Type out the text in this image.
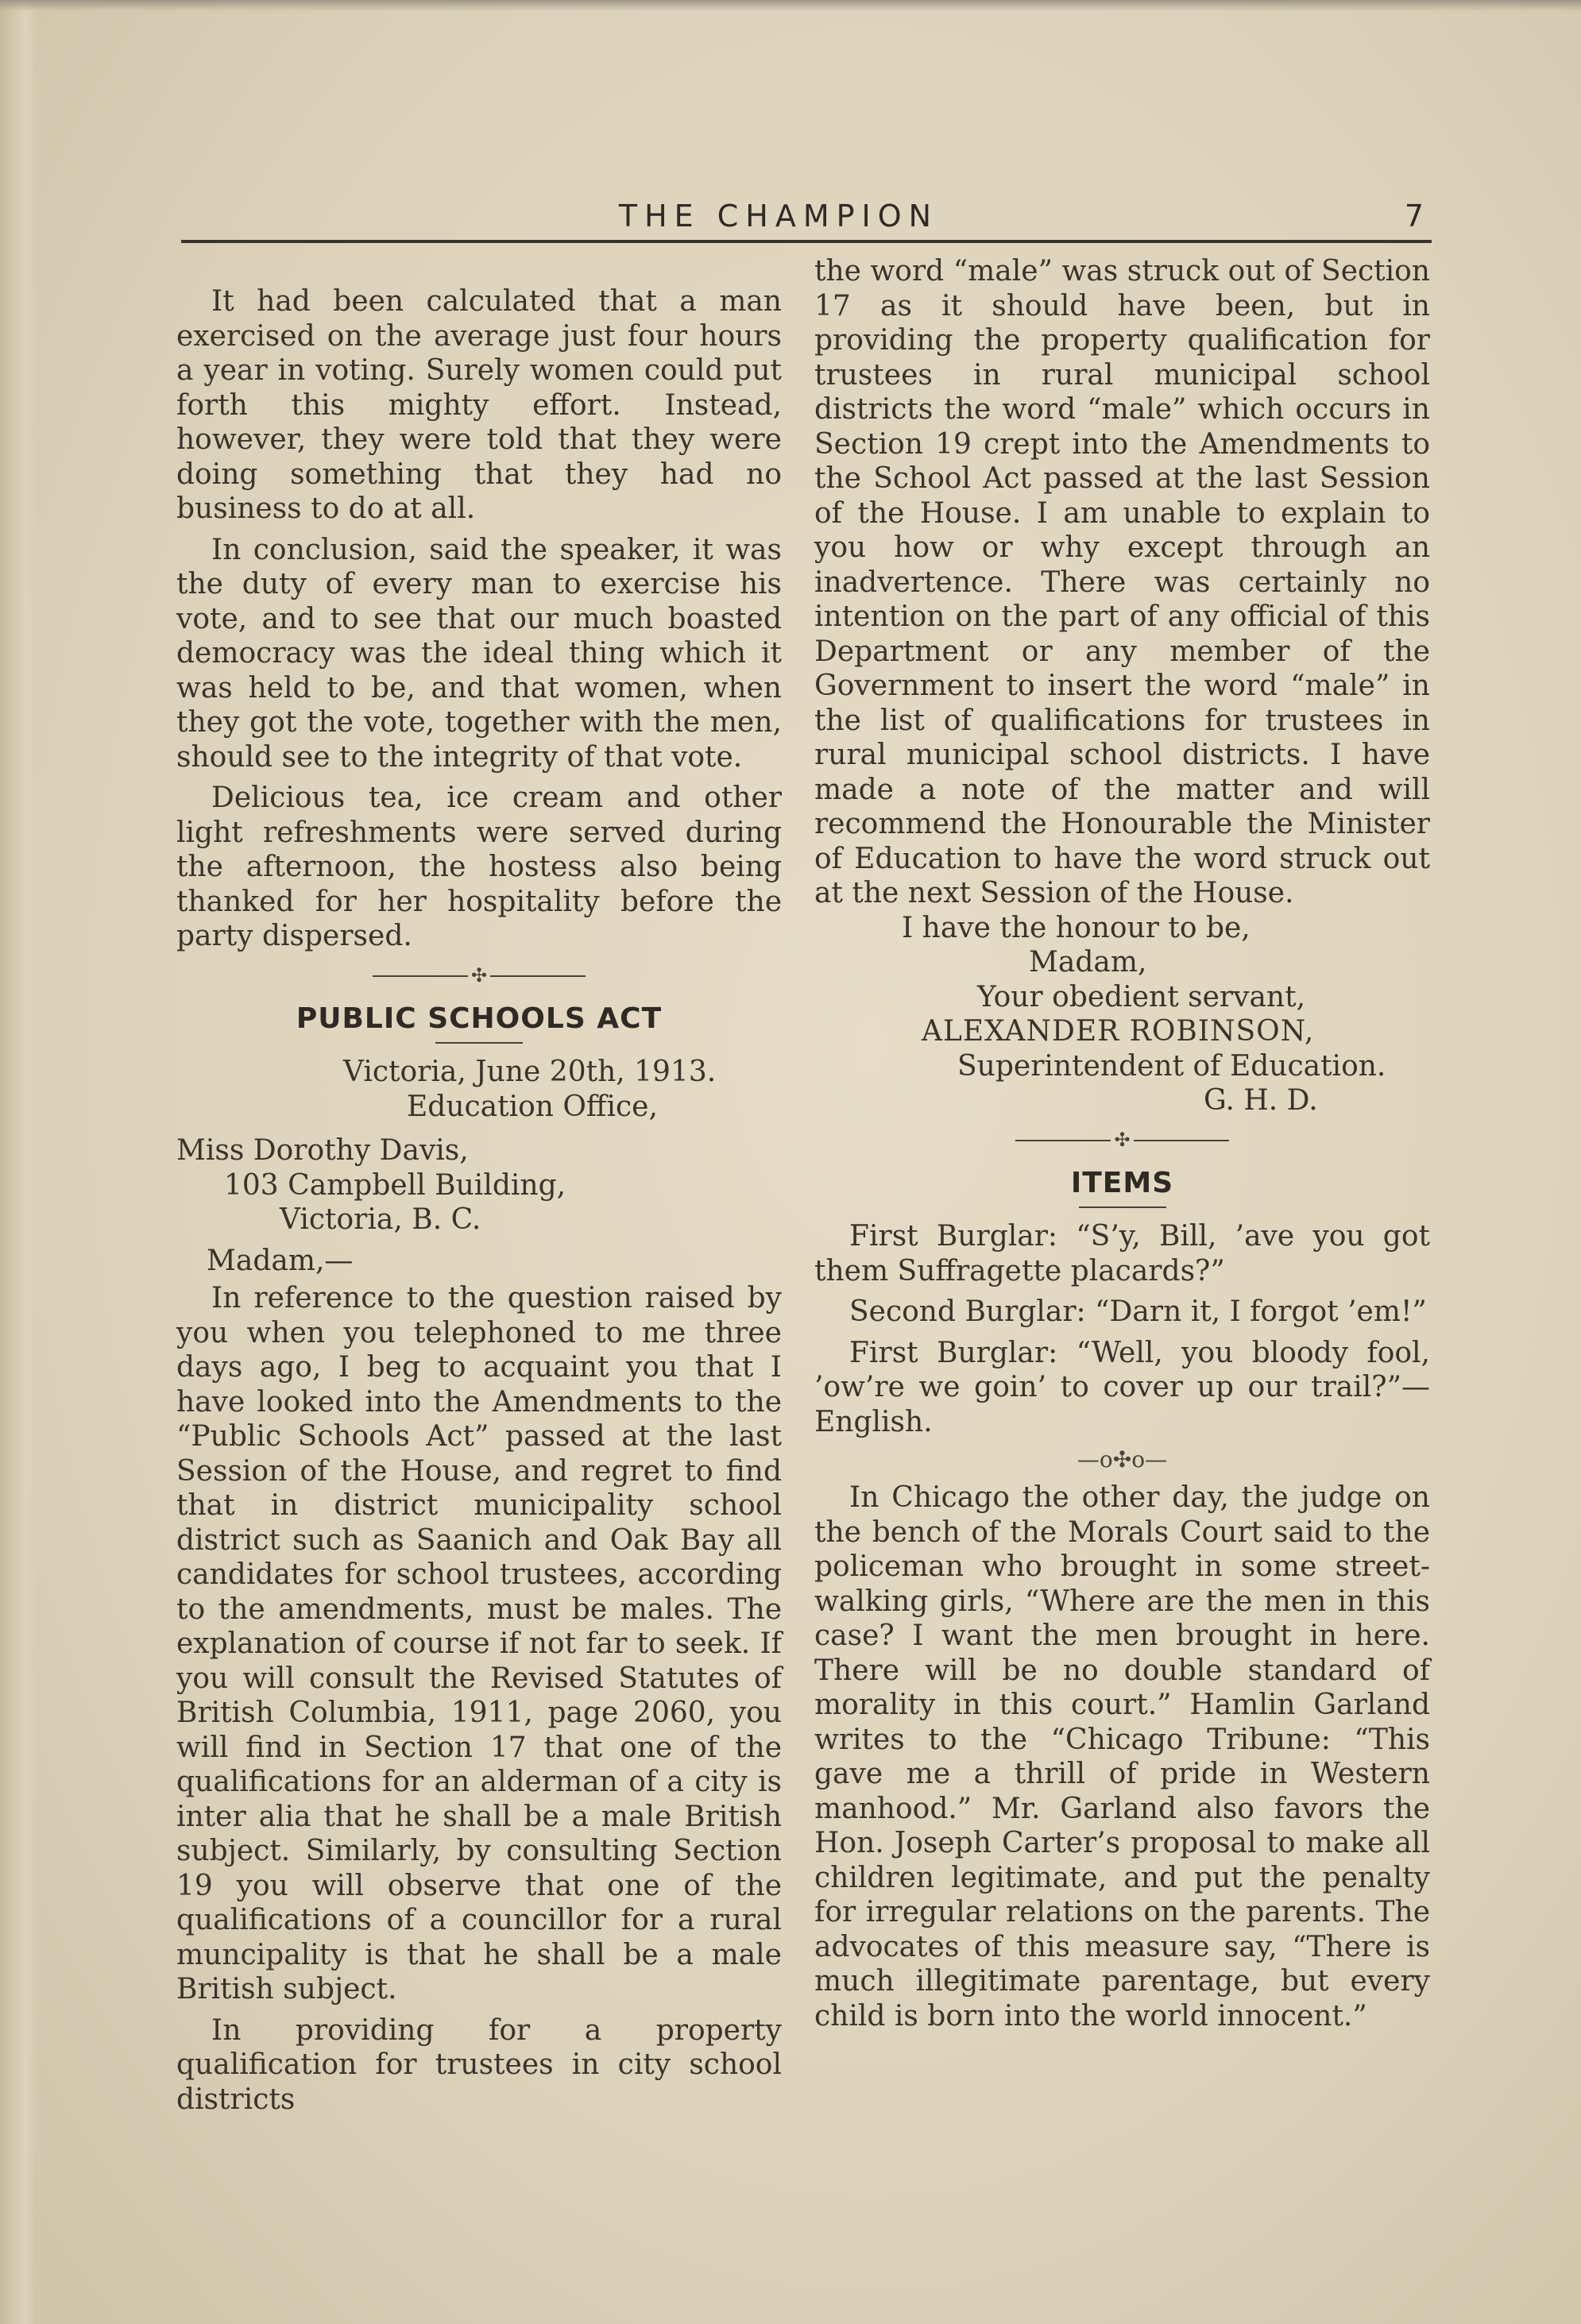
THE CHAMPION	7

It had been calculated that a man exercised on the average just four hours a year in voting. Surely women could put forth this mighty effort. Instead, however, they were told that they were doing something that they had no business to do at all.

In conclusion, said the speaker, it was the duty of every man to exercise his vote, and to see that our much boasted democracy was the ideal thing which it was held to be, and that women, when they got the vote, together with the men, should see to the integrity of that vote.

Delicious tea, ice cream and other light refreshments were served during the afternoon, the hostess also being thanked for her hospitality before the party dispersed.

✣
PUBLIC SCHOOLS ACT

Victoria, June 20th, 1913.

Education Office,

Miss Dorothy Davis,

103 Campbell Building,

Victoria, B. C.

Madam,—

In reference to the question raised by you when you telephoned to me three days ago, I beg to acquaint you that I have looked into the Amendments to the “Public Schools Act” passed at the last Session of the House, and regret to find that in district municipality school district such as Saanich and Oak Bay all candidates for school trustees, according to the amendments, must be males. The explanation of course if not far to seek. If you will consult the Revised Statutes of British Columbia, 1911, page 2060, you will find in Section 17 that one of the qualifications for an alderman of a city is inter alia that he shall be a male British subject. Similarly, by consulting Section 19 you will observe that one of the qualifications of a councillor for a rural muncipality is that he shall be a male British subject.

In providing for a property qualification for trustees in city school districts

the word “male” was struck out of Section 17 as it should have been, but in providing the property qualification for trustees in rural municipal school districts the word “male” which occurs in Section 19 crept into the Amendments to the School Act passed at the last Session of the House. I am unable to explain to you how or why except through an inadvertence. There was certainly no intention on the part of any official of this Department or any member of the Government to insert the word “male” in the list of qualifications for trustees in rural municipal school districts. I have made a note of the matter and will recommend the Honourable the Minister of Education to have the word struck out at the next Session of the House.

I have the honour to be,

Madam,

Your obedient servant,

ALEXANDER ROBINSON,

Superintendent of Education.

G. H. D.

✣
ITEMS

First Burglar: “S’y, Bill, ’ave you got them Suffragette placards?”

Second Burglar: “Darn it, I forgot ’em!”

First Burglar: “Well, you bloody fool, ’ow’re we goin’ to cover up our trail?”—English.

—o✣o—

In Chicago the other day, the judge on the bench of the Morals Court said to the policeman who brought in some street-walking girls, “Where are the men in this case? I want the men brought in here. There will be no double standard of morality in this court.” Hamlin Garland writes to the “Chicago Tribune: “This gave me a thrill of pride in Western manhood.” Mr. Garland also favors the Hon. Joseph Carter’s proposal to make all children legitimate, and put the penalty for irregular relations on the parents. The advocates of this measure say, “There is much illegitimate parentage, but every child is born into the world innocent.”
